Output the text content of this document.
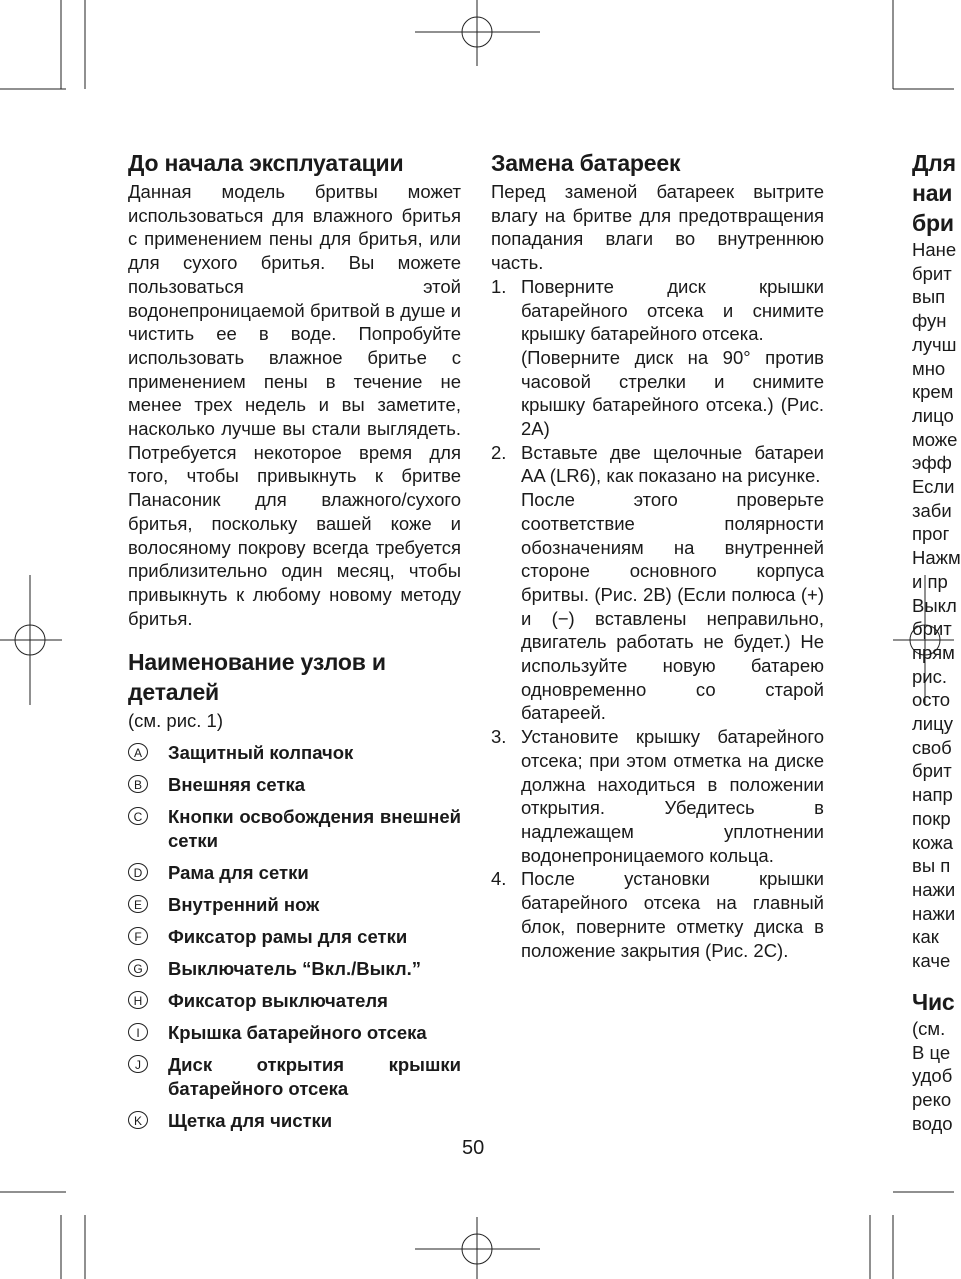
До начала эксплуатации

Данная модель бритвы может использоваться для влажного бритья с применением пены для бритья, или для сухого бритья. Вы можете пользоваться этой водонепроницаемой бритвой в душе и чистить ее в воде. Попробуйте использовать влажное бритье с применением пены в течение не менее трех недель и вы заметите, насколько лучше вы стали выглядеть. Потребуется некоторое время для того, чтобы привыкнуть к бритве Панасоник для влажного/сухого бритья, поскольку вашей коже и волосяному покрову всегда требуется приблизительно один месяц, чтобы привыкнуть к любому новому методу бритья.

Наименование узлов и деталей

(см. рис. 1)

A	Защитный колпачок
B	Внешняя сетка
C	Кнопки освобождения внешней сетки
D	Рама для сетки
E	Внутренний нож
F	Фиксатор рамы для сетки
G Выключатель “Вкл./Выкл.”
H	Фиксатор выключателя
I	Крышка батарейного отсека
J	Диск открытия крышки батарейного отсека
K	Щетка для чистки
Замена батареек

Перед заменой батареек вытрите влагу на бритве для предотвращения попадания влаги во внутреннюю часть.

1. Поверните диск крышки батарейного отсека и снимите крышку батарейного отсека.

(Поверните диск на 90° против часовой стрелки и снимите крышку батарейного отсека.) (Рис. 2A)

2. Вставьте две щелочные батареи AA (LR6), как показано на рисунке.

После этого проверьте соответствие полярности обозначениям на внутренней стороне основного корпуса бритвы. (Рис. 2B) (Если полюса (+) и (−) вставлены неправильно, двигатель работать не будет.) Не используйте новую батарею одновременно со старой батареей.

3. Установите крышку батарейного отсека; при этом отметка на диске должна находиться в положении открытия. Убедитесь в надлежащем уплотнении водонепроницаемого кольца.

4. После установки крышки батарейного отсека на главный блок, поверните отметку диска в положение закрытия (Рис. 2C).

Для
наи
бри
Нане
брит
вып
фун
лучш
мно
крем
лицо
може
эфф
Если
заби
прог
Нажм
и пр
Выкл
брит
прям
рис.
осто
лицу
своб
брит
напр
покр
кожа
вы п
нажи
нажи
как
каче
Чис
(см.
В це
удоб
реко
водо
50
